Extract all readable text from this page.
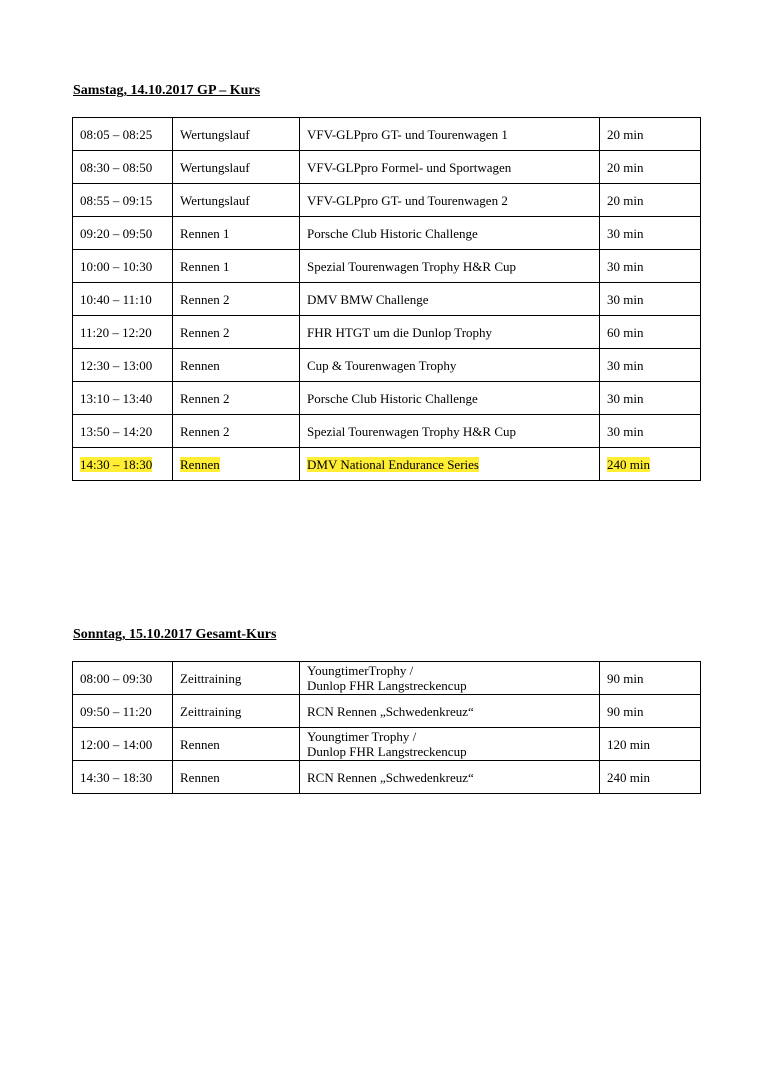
Samstag, 14.10.2017 GP – Kurs
08:05 – 08:25	Wertungslauf	VFV-GLPpro GT- und Tourenwagen 1	20 min
08:30 – 08:50	Wertungslauf	VFV-GLPpro Formel- und Sportwagen	20 min
08:55 – 09:15	Wertungslauf	VFV-GLPpro GT- und Tourenwagen 2	20 min
09:20 – 09:50	Rennen 1	Porsche Club Historic Challenge	30 min
10:00 – 10:30	Rennen 1	Spezial Tourenwagen Trophy H&R Cup	30 min
10:40 – 11:10	Rennen 2	DMV BMW Challenge	30 min
11:20 – 12:20	Rennen 2	FHR HTGT um die Dunlop Trophy	60 min
12:30 – 13:00	Rennen	Cup & Tourenwagen Trophy	30 min
13:10 – 13:40	Rennen 2	Porsche Club Historic Challenge	30 min
13:50 – 14:20	Rennen 2	Spezial Tourenwagen Trophy H&R Cup	30 min
14:30 – 18:30	Rennen	DMV National Endurance Series	240 min
Sonntag, 15.10.2017 Gesamt-Kurs
08:00 – 09:30	Zeittraining	YoungtimerTrophy /
Dunlop FHR Langstreckencup	90 min
09:50 – 11:20	Zeittraining	RCN Rennen „Schwedenkreuz“	90 min
12:00 – 14:00	Rennen	Youngtimer Trophy /
Dunlop FHR Langstreckencup	120 min
14:30 – 18:30	Rennen	RCN Rennen „Schwedenkreuz“	240 min
